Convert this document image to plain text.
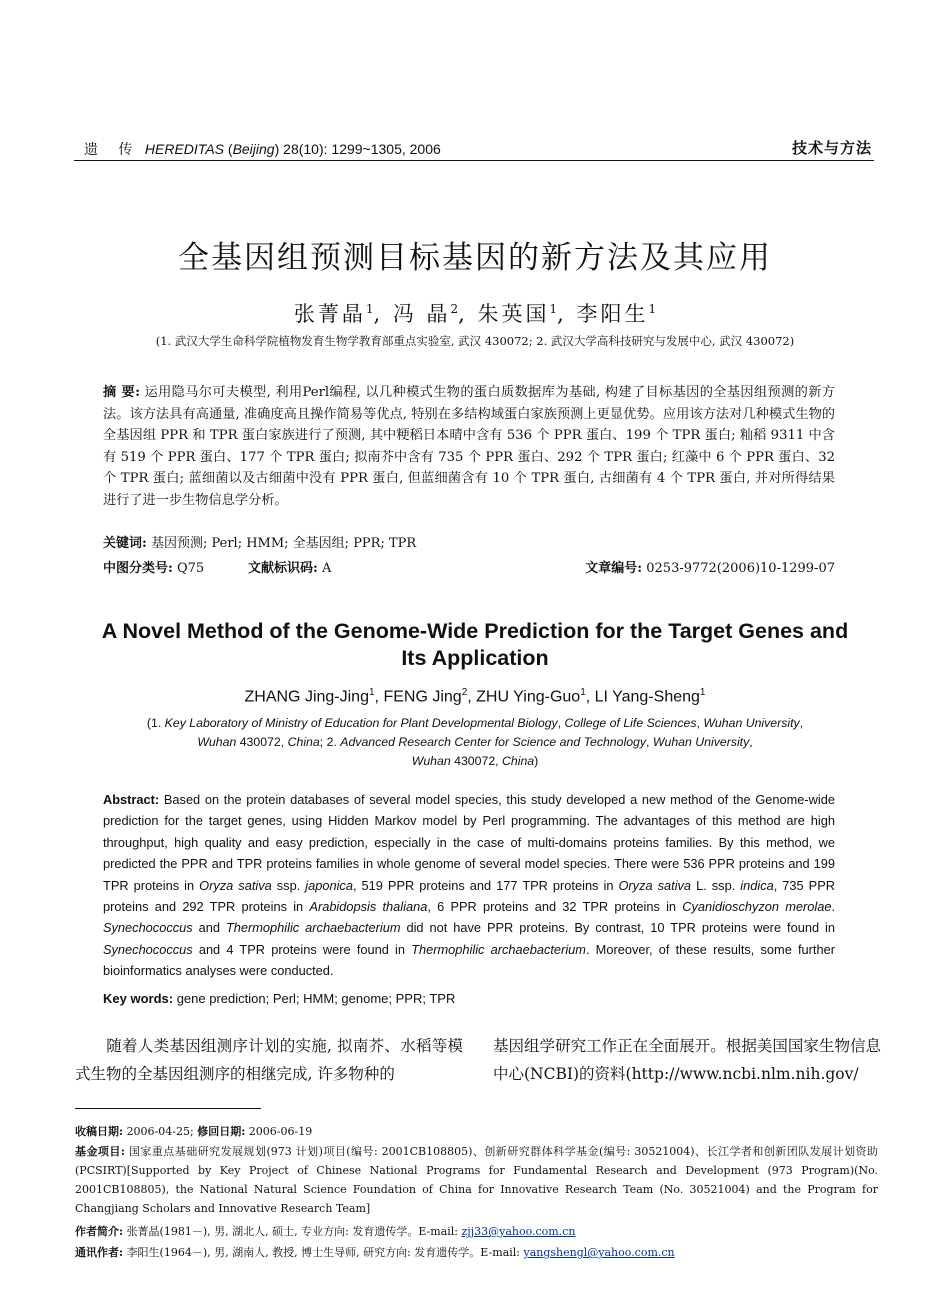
遗 传 HEREDITAS (Beijing) 28(10): 1299~1305, 2006	技术与方法
全基因组预测目标基因的新方法及其应用
张菁晶$^1$, 冯 晶$^2$, 朱英国$^1$, 李阳生$^1$
(1. 武汉大学生命科学院植物发育生物学教育部重点实验室, 武汉 430072; 2. 武汉大学高科技研究与发展中心, 武汉 430072)
摘 要: 运用隐马尔可夫模型, 利用Perl编程, 以几种模式生物的蛋白质数据库为基础, 构建了目标基因的全基因组预测的新方法。该方法具有高通量, 准确度高且操作简易等优点, 特别在多结构域蛋白家族预测上更显优势。应用该方法对几种模式生物的全基因组 PPR 和 TPR 蛋白家族进行了预测, 其中粳稻日本晴中含有 536 个 PPR 蛋白、199 个 TPR 蛋白; 籼稻 9311 中含有 519 个 PPR 蛋白、177 个 TPR 蛋白; 拟南芥中含有 735 个 PPR 蛋白、292 个 TPR 蛋白; 红藻中 6 个 PPR 蛋白、32 个 TPR 蛋白; 蓝细菌以及古细菌中没有 PPR 蛋白, 但蓝细菌含有 10 个 TPR 蛋白, 古细菌有 4 个 TPR 蛋白, 并对所得结果进行了进一步生物信息学分析。
关键词: 基因预测; Perl; HMM; 全基因组; PPR; TPR
中图分类号: Q75	文献标识码: A	文章编号: 0253-9772(2006)10-1299-07
A Novel Method of the Genome-Wide Prediction for the Target Genes and Its Application
ZHANG Jing-Jing$^1$, FENG Jing$^2$, ZHU Ying-Guo$^1$, LI Yang-Sheng$^1$
(1. Key Laboratory of Ministry of Education for Plant Developmental Biology, College of Life Sciences, Wuhan University,
Wuhan 430072, China; 2. Advanced Research Center for Science and Technology, Wuhan University,
Wuhan 430072, China)
Abstract: Based on the protein databases of several model species, this study developed a new method of the Genome-wide prediction for the target genes, using Hidden Markov model by Perl programming. The advantages of this method are high throughput, high quality and easy prediction, especially in the case of multi-domains proteins families. By this method, we predicted the PPR and TPR proteins families in whole genome of several model species. There were 536 PPR proteins and 199 TPR proteins in Oryza sativa ssp. japonica, 519 PPR proteins and 177 TPR proteins in Oryza sativa L. ssp. indica, 735 PPR proteins and 292 TPR proteins in Arabidopsis thaliana, 6 PPR proteins and 32 TPR proteins in Cyanidioschyzon merolae. Synechococcus and Thermophilic archaebacterium did not have PPR proteins. By contrast, 10 TPR proteins were found in Synechococcus and 4 TPR proteins were found in Thermophilic archaebacterium. Moreover, of these results, some further bioinformatics analyses were conducted.
Key words: gene prediction; Perl; HMM; genome; PPR; TPR
随着人类基因组测序计划的实施, 拟南芥、水稻等模式生物的全基因组测序的相继完成, 许多物种的
基因组学研究工作正在全面展开。根据美国国家生物信息中心(NCBI)的资料(http://www.ncbi.nlm.nih.gov/
收稿日期: 2006-04-25; 修回日期: 2006-06-19
基金项目: 国家重点基础研究发展规划(973 计划)项目(编号: 2001CB108805)、创新研究群体科学基金(编号: 30521004)、长江学者和创新团队发展计划资助(PCSIRT)[Supported by Key Project of Chinese National Programs for Fundamental Research and Development (973 Program)(No. 2001CB108805), the National Natural Science Foundation of China for Innovative Research Team (No. 30521004) and the Program for Changjiang Scholars and Innovative Research Team]
作者简介: 张菁晶(1981－), 男, 湖北人, 硕士, 专业方向: 发育遗传学。E-mail: zjj33@yahoo.com.cn
通讯作者: 李阳生(1964－), 男, 湖南人, 教授, 博士生导师, 研究方向: 发育遗传学。E-mail: yangshengl@yahoo.com.cn
